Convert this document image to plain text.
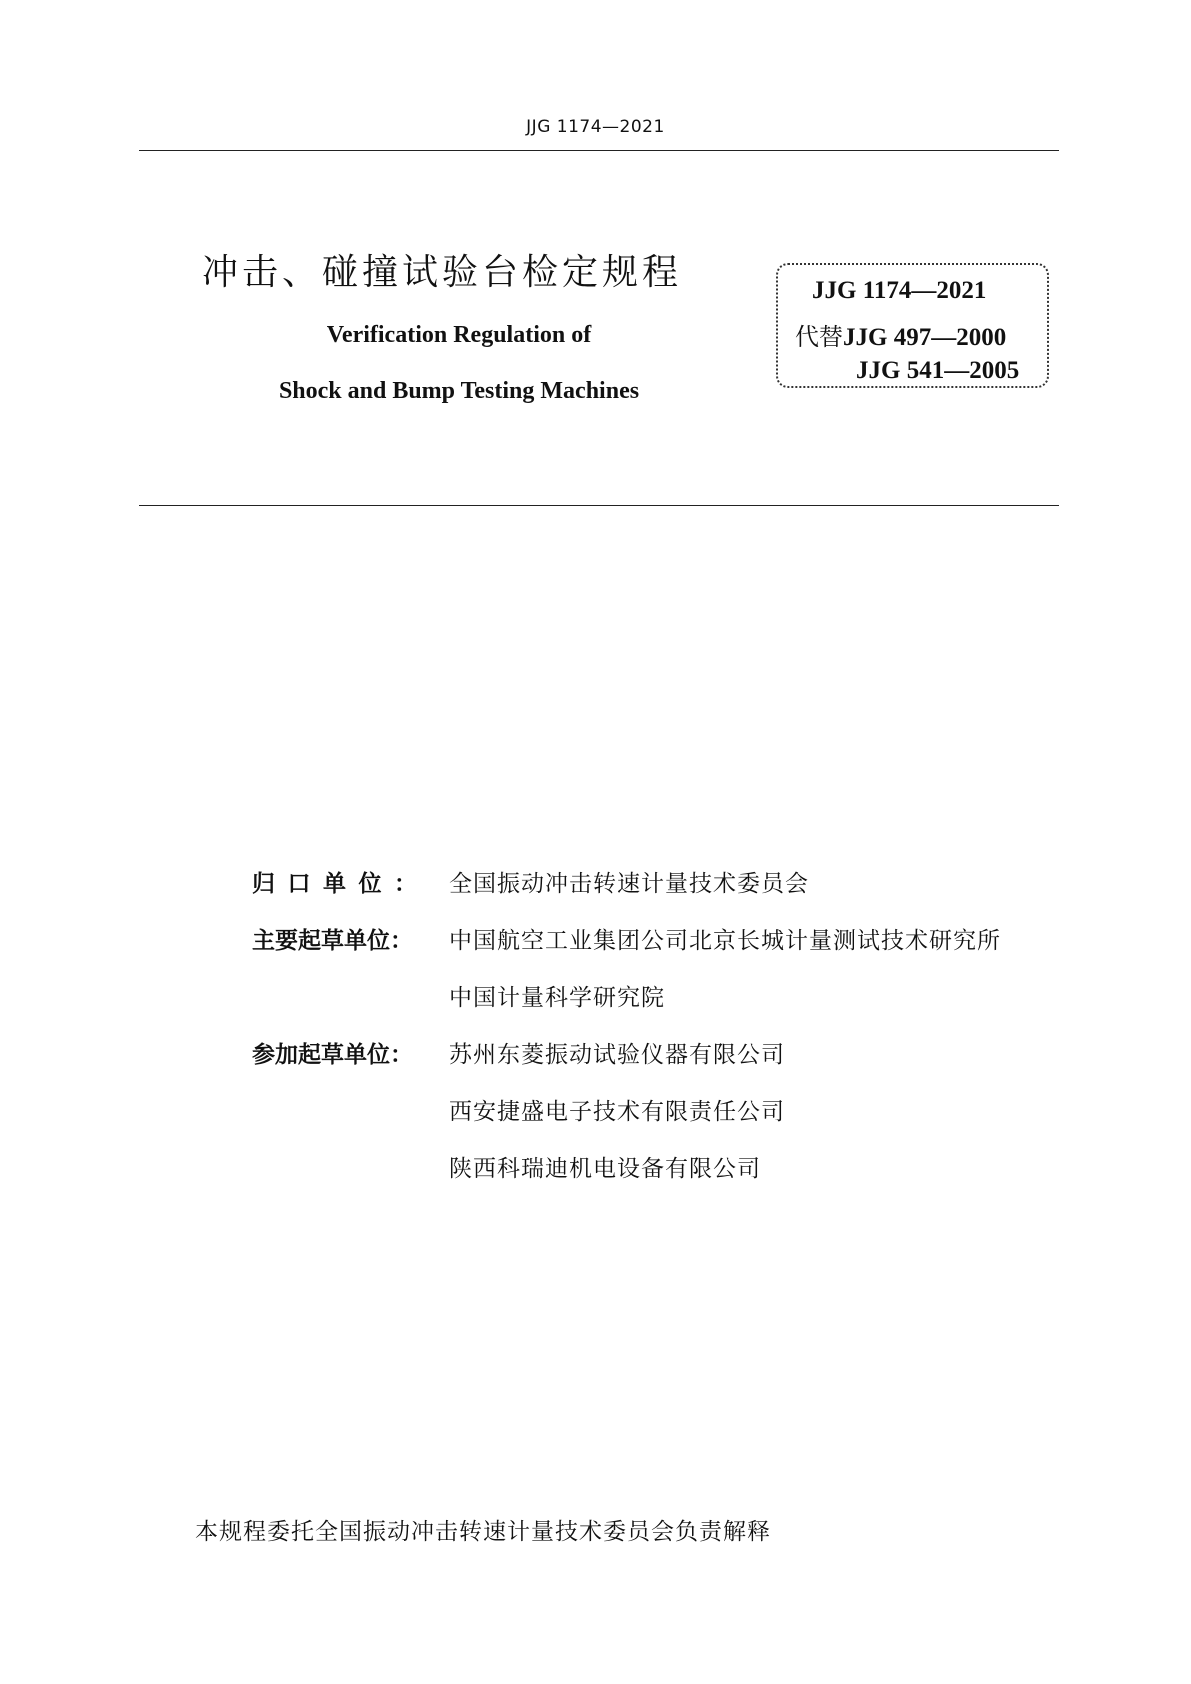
JJG 1174—2021
冲击、碰撞试验台检定规程
Verification Regulation of
Shock and Bump Testing Machines
JJG 1174—2021
代替JJG 497—2000
JJG 541—2005
归口单位： 全国振动冲击转速计量技术委员会
主要起草单位：	中国航空工业集团公司北京长城计量测试技术研究所
中国计量科学研究院
参加起草单位：	苏州东菱振动试验仪器有限公司
西安捷盛电子技术有限责任公司
陕西科瑞迪机电设备有限公司
本规程委托全国振动冲击转速计量技术委员会负责解释
